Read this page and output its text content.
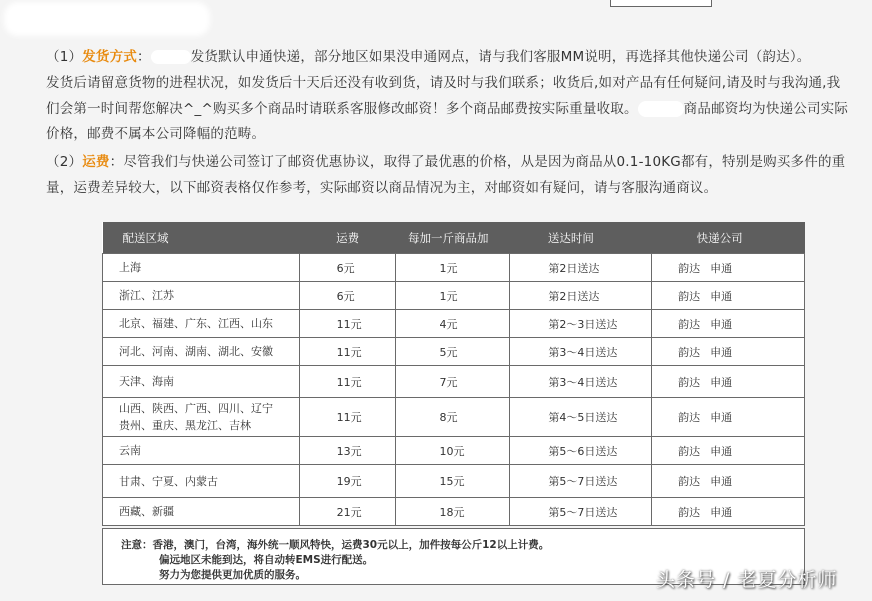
（1）发货方式：	发货默认申通快递，部分地区如果没申通网点，请与我们客服MM说明，再选择其他快递公司（韵达）。
发货后请留意货物的进程状况，如发货后十天后还没有收到货，请及时与我们联系；收货后,如对产品有任何疑问,请及时与我沟通,我
们会第一时间帮您解决^_^购买多个商品时请联系客服修改邮资！多个商品邮费按实际重量收取。	商品邮资均为快递公司实际
价格，邮费不属本公司降幅的范畴。
（2）运费：尽管我们与快递公司签订了邮资优惠协议，取得了最优惠的价格，从是因为商品从0.1-10KG都有，特别是购买多件的重
量，运费差异较大，以下邮资表格仅作参考，实际邮资以商品情况为主，对邮资如有疑问，请与客服沟通商议。
配送区域	运费	每加一斤商品加	送达时间	快递公司
上海	6元	1元	第2日送达	韵达 申通
浙江、江苏	6元	1元	第2日送达	韵达 申通
北京、福建、广东、江西、山东	11元	4元	第2～3日送达	韵达 申通
河北、河南、湖南、湖北、安徽	11元	5元	第3～4日送达	韵达 申通
天津、海南	11元	7元	第3～4日送达	韵达 申通

山西、陕西、广西、四川、辽宁
贵州、重庆、黑龙江、吉林	11元	8元	第4～5日送达	韵达 申通
云南	13元	10元	第5～6日送达	韵达 申通
甘肃、宁夏、内蒙古	19元	15元	第5～7日送达	韵达 申通
西藏、新疆	21元	18元	第5～7日送达	韵达 申通
注意：香港，澳门，台湾，海外统一顺风特快，运费30元以上，加件按每公斤12以上计费。
偏远地区未能到达，将自动转EMS进行配送。
努力为您提供更加优质的服务。	头条号 / 老夏分析师
